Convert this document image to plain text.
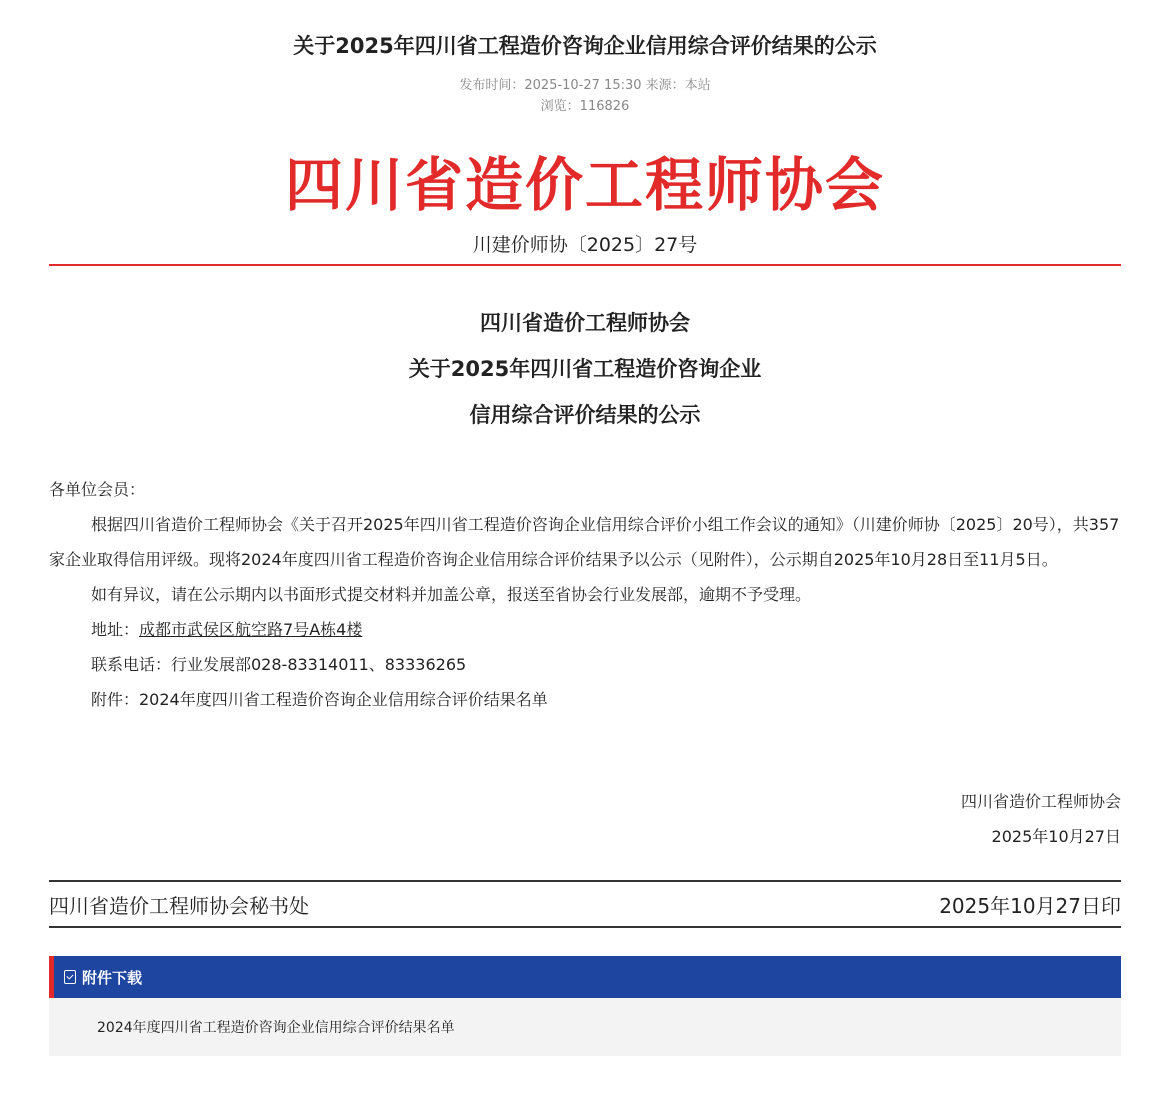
关于2025年四川省工程造价咨询企业信用综合评价结果的公示
发布时间：2025-10-27 15:30 来源：本站
浏览：116826
四川省造价工程师协会
川建价师协〔2025〕27号
四川省造价工程师协会
关于2025年四川省工程造价咨询企业
信用综合评价结果的公示

各单位会员：

根据四川省造价工程师协会《关于召开2025年四川省工程造价咨询企业信用综合评价小组工作会议的通知》（川建价师协〔2025〕20号），共357家企业取得信用评级。现将2024年度四川省工程造价咨询企业信用综合评价结果予以公示（见附件），公示期自2025年10月28日至11月5日。

如有异议，请在公示期内以书面形式提交材料并加盖公章，报送至省协会行业发展部，逾期不予受理。

地址：成都市武侯区航空路7号A栋4楼

联系电话：行业发展部028-83314011、83336265

附件：2024年度四川省工程造价咨询企业信用综合评价结果名单

四川省造价工程师协会
2025年10月27日
四川省造价工程师协会秘书处	2025年10月27日印
附件下载
2024年度四川省工程造价咨询企业信用综合评价结果名单
